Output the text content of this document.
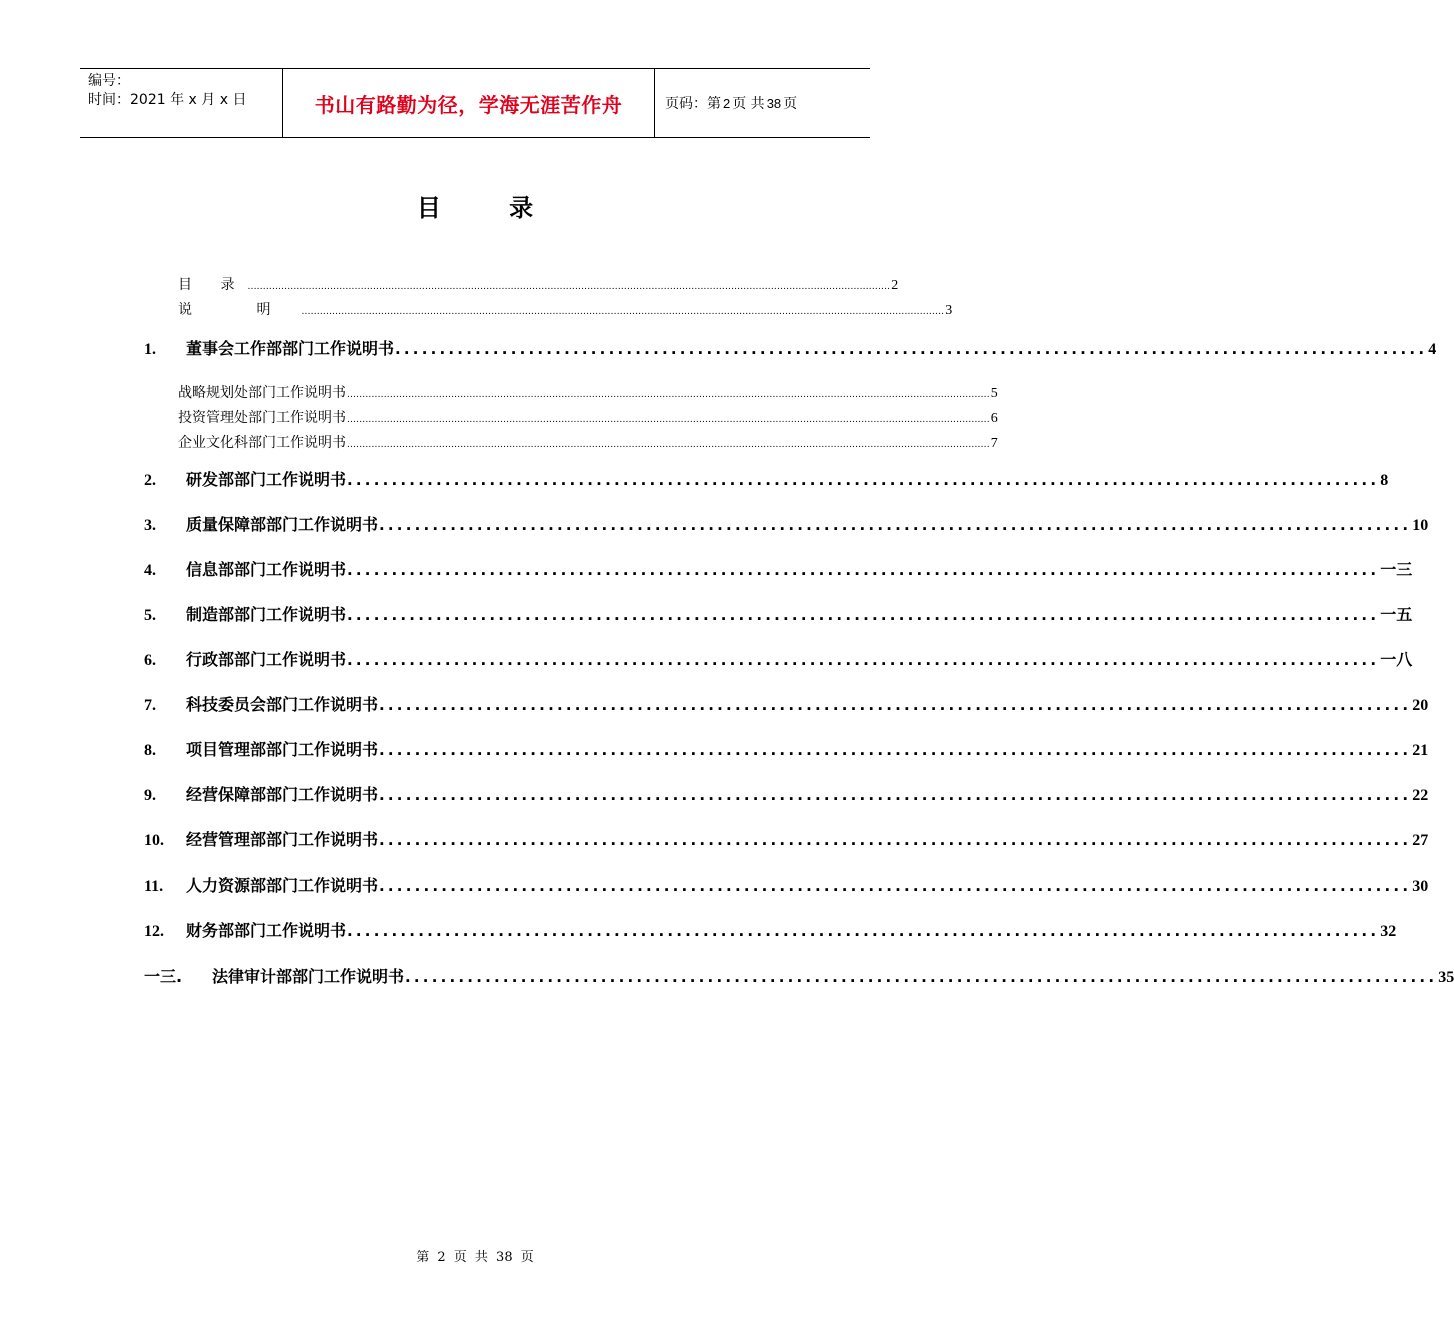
编号：
时间：2021 年 x 月 x 日	书山有路勤为径，学海无涯苦作舟	页码：第 2 页 共 38 页
目 录
目 录 .................................................................................................................................................................................................................. 2
说 明 .................................................................................................................................................................................................................. 3
1. 董事会工作部部门工作说明书 .................................................................................................................... 4
战略规划处部门工作说明书 .................................................................................................................................................................................................................. 5
投资管理处部门工作说明书 .................................................................................................................................................................................................................. 6
企业文化科部门工作说明书 .................................................................................................................................................................................................................. 7
2. 研发部部门工作说明书 .................................................................................................................... 8
3. 质量保障部部门工作说明书 .................................................................................................................... 10
4. 信息部部门工作说明书 .................................................................................................................... 一三
5. 制造部部门工作说明书 .................................................................................................................... 一五
6. 行政部部门工作说明书 .................................................................................................................... 一八
7. 科技委员会部门工作说明书 .................................................................................................................... 20
8. 项目管理部部门工作说明书 .................................................................................................................... 21
9. 经营保障部部门工作说明书 .................................................................................................................... 22
10. 经营管理部部门工作说明书 .................................................................................................................... 27
11. 人力资源部部门工作说明书 .................................................................................................................... 30
12. 财务部部门工作说明书 .................................................................................................................... 32
一三. 法律审计部部门工作说明书 .................................................................................................................... 35
第 2 页 共 38 页
